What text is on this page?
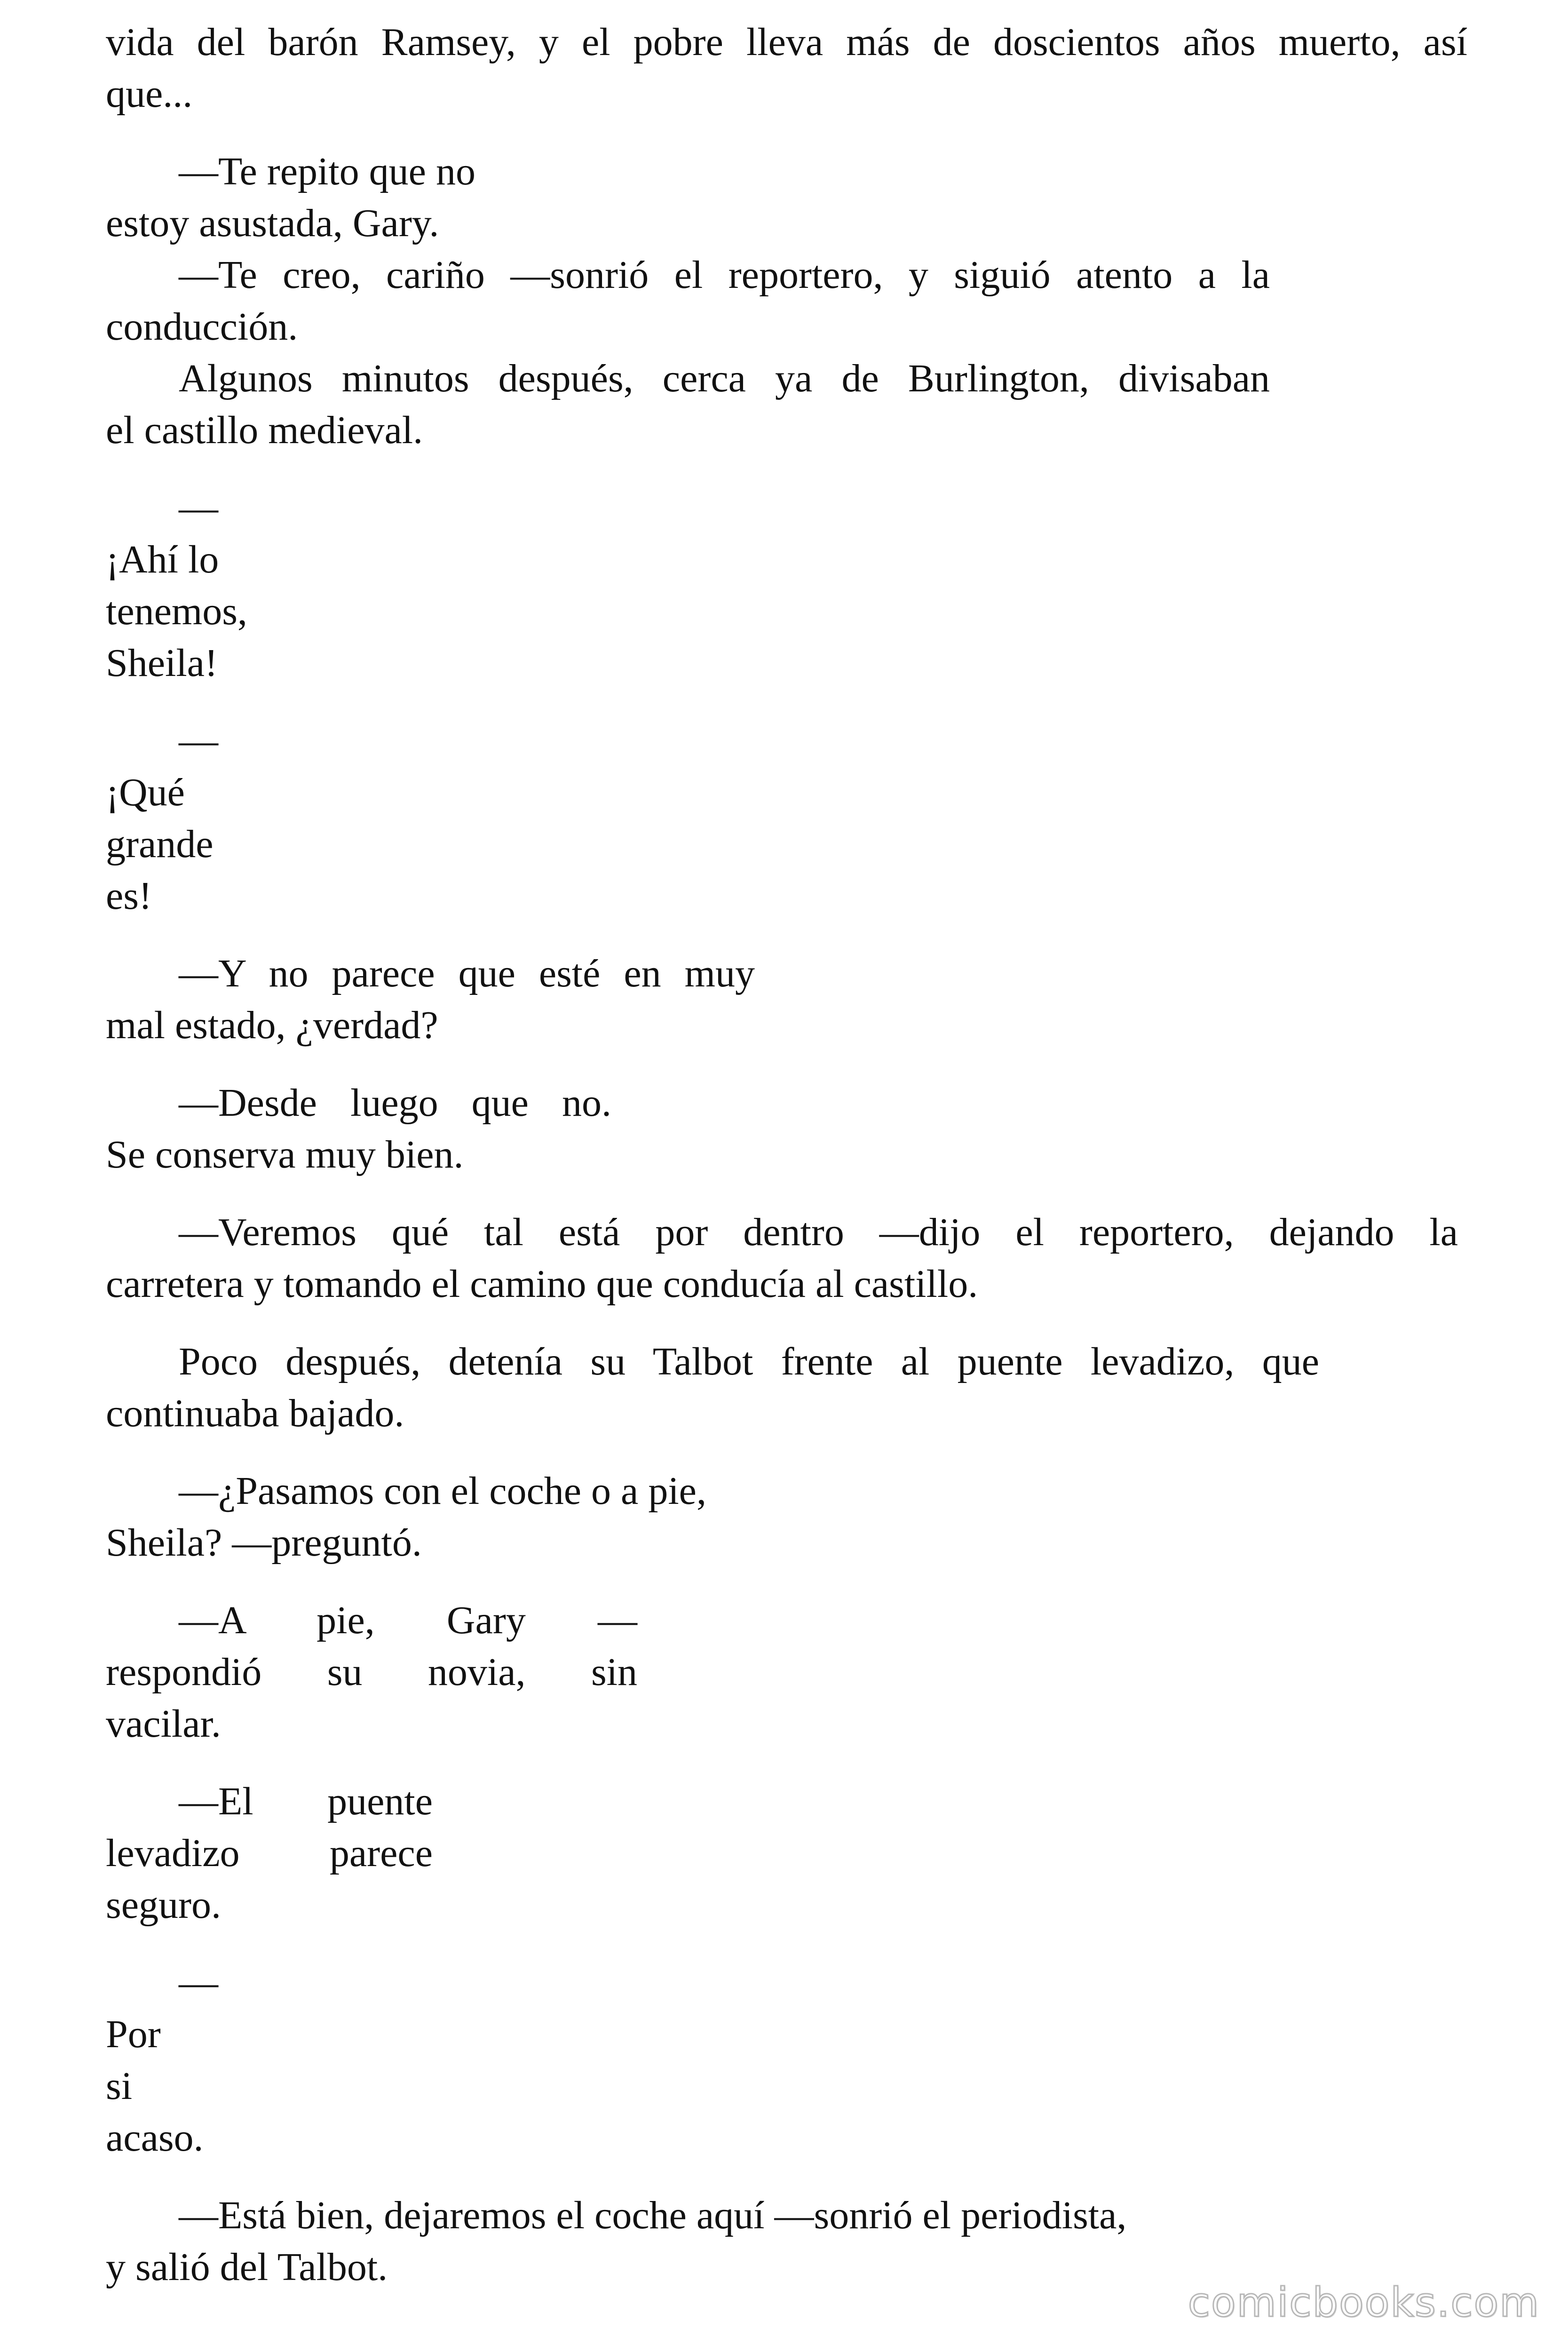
vida del barón Ramsey, y el pobre lleva más de doscientos años muerto, así

que...

—Te repito que no

estoy asustada, Gary.

—Te creo, cariño —sonrió el reportero, y siguió atento a la

conducción.

Algunos minutos después, cerca ya de Burlington, divisaban

el castillo medieval.

—

¡Ahí lo

tenemos,

Sheila!

—

¡Qué

grande

es!

—Y no parece que esté en muy

mal estado, ¿verdad?

—Desde luego que no.

Se conserva muy bien.

—Veremos qué tal está por dentro —dijo el reportero, dejando la

carretera y tomando el camino que conducía al castillo.

Poco después, detenía su Talbot frente al puente levadizo, que

continuaba bajado.

—¿Pasamos con el coche o a pie,

Sheila? —preguntó.

—A pie, Gary —

respondió su novia, sin

vacilar.

—El puente

levadizo parece

seguro.

—

Por

si

acaso.

—Está bien, dejaremos el coche aquí —sonrió el periodista,

y salió del Talbot.

comicbooks.com
